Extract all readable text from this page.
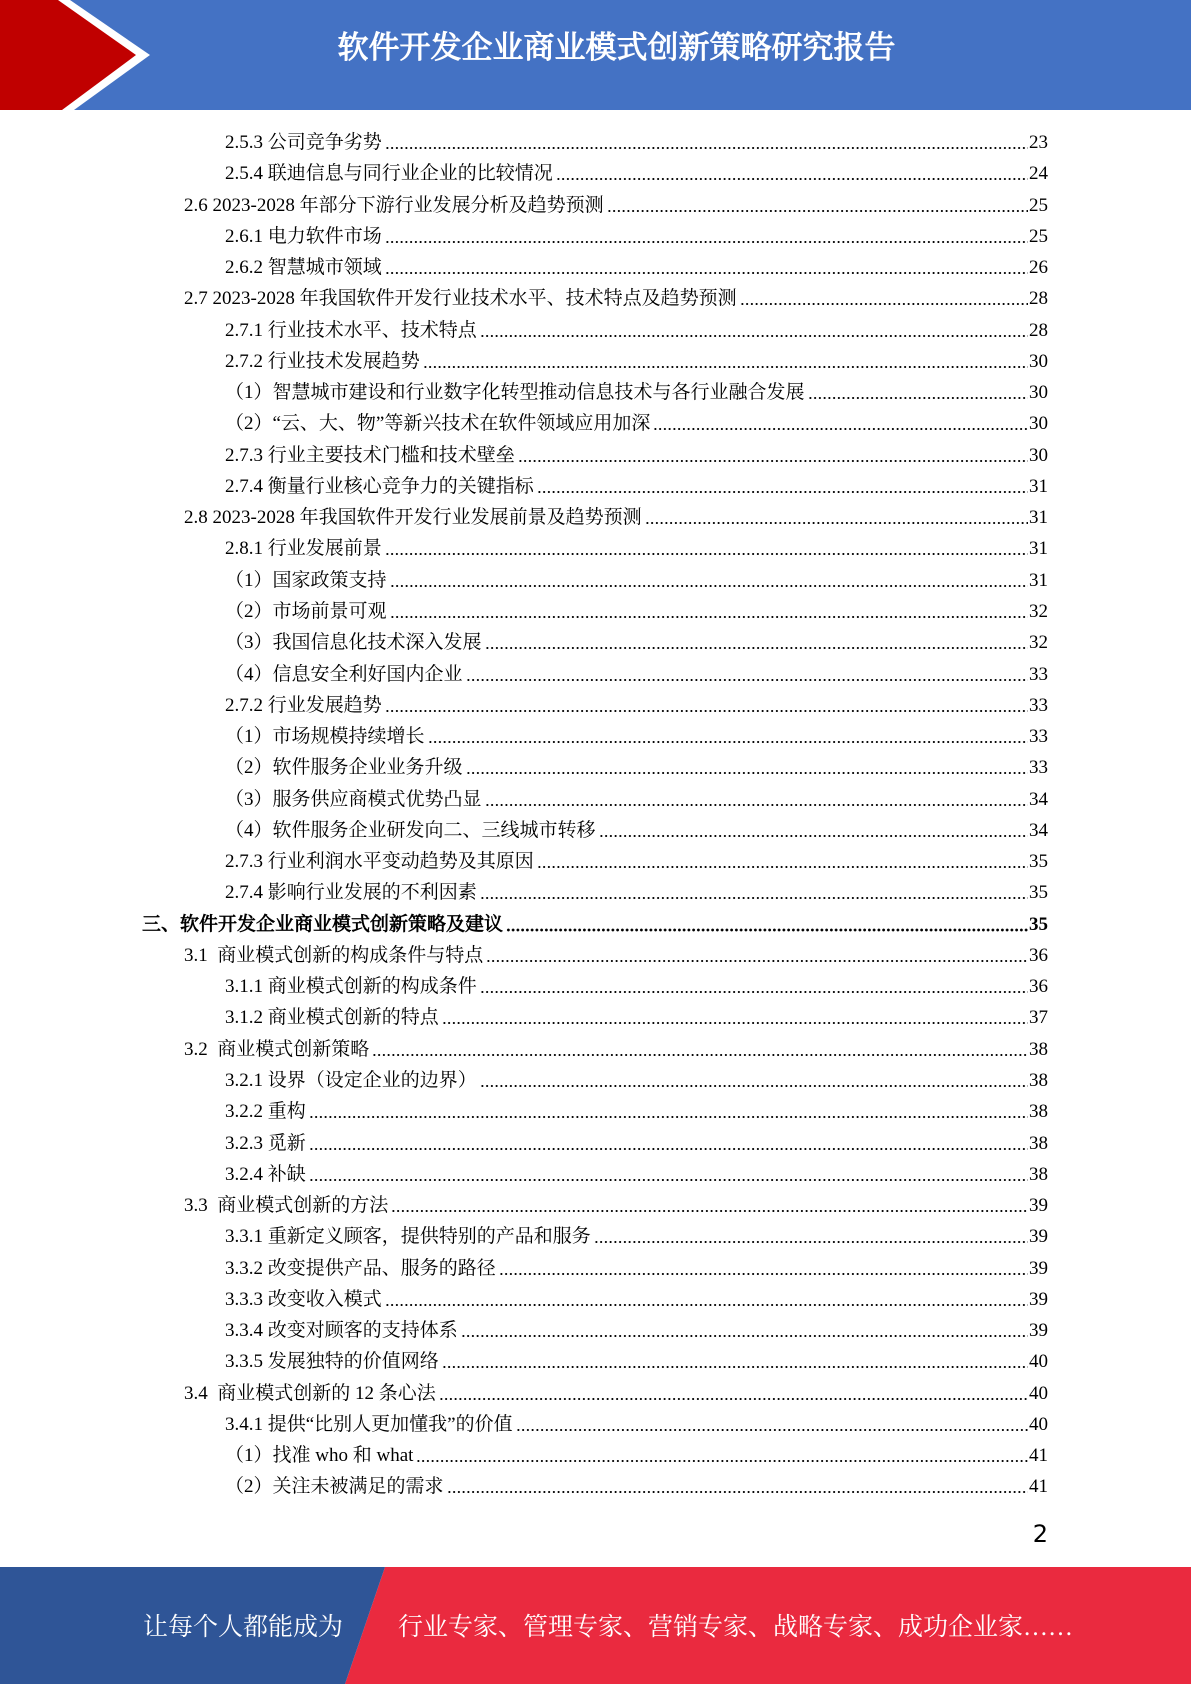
软件开发企业商业模式创新策略研究报告
2.5.3 公司竞争劣势	23
2.5.4 联迪信息与同行业企业的比较情况	24
2.6 2023-2028 年部分下游行业发展分析及趋势预测	25
2.6.1 电力软件市场	25
2.6.2 智慧城市领域	26
2.7 2023-2028 年我国软件开发行业技术水平、技术特点及趋势预测	28
2.7.1 行业技术水平、技术特点	28
2.7.2 行业技术发展趋势	30
（1）智慧城市建设和行业数字化转型推动信息技术与各行业融合发展	30
（2）“云、大、物”等新兴技术在软件领域应用加深	30
2.7.3 行业主要技术门槛和技术壁垒	30
2.7.4 衡量行业核心竞争力的关键指标	31
2.8 2023-2028 年我国软件开发行业发展前景及趋势预测	31
2.8.1 行业发展前景	31
（1）国家政策支持	31
（2）市场前景可观	32
（3）我国信息化技术深入发展	32
（4）信息安全利好国内企业	33
2.7.2 行业发展趋势	33
（1）市场规模持续增长	33
（2）软件服务企业业务升级	33
（3）服务供应商模式优势凸显	34
（4）软件服务企业研发向二、三线城市转移	34
2.7.3 行业利润水平变动趋势及其原因	35
2.7.4 影响行业发展的不利因素	35
三、软件开发企业商业模式创新策略及建议	35
3.1  商业模式创新的构成条件与特点	36
3.1.1 商业模式创新的构成条件	36
3.1.2 商业模式创新的特点	37
3.2  商业模式创新策略	38
3.2.1 设界（设定企业的边界）	38
3.2.2 重构	38
3.2.3 觅新	38
3.2.4 补缺	38
3.3  商业模式创新的方法	39
3.3.1 重新定义顾客，提供特别的产品和服务	39
3.3.2 改变提供产品、服务的路径	39
3.3.3 改变收入模式	39
3.3.4 改变对顾客的支持体系	39
3.3.5 发展独特的价值网络	40
3.4  商业模式创新的 12 条心法	40
3.4.1 提供“比别人更加懂我”的价值	40
（1）找准 who 和 what	41
（2）关注未被满足的需求	41
2
让每个人都能成为 行业专家、管理专家、营销专家、战略专家、成功企业家……
